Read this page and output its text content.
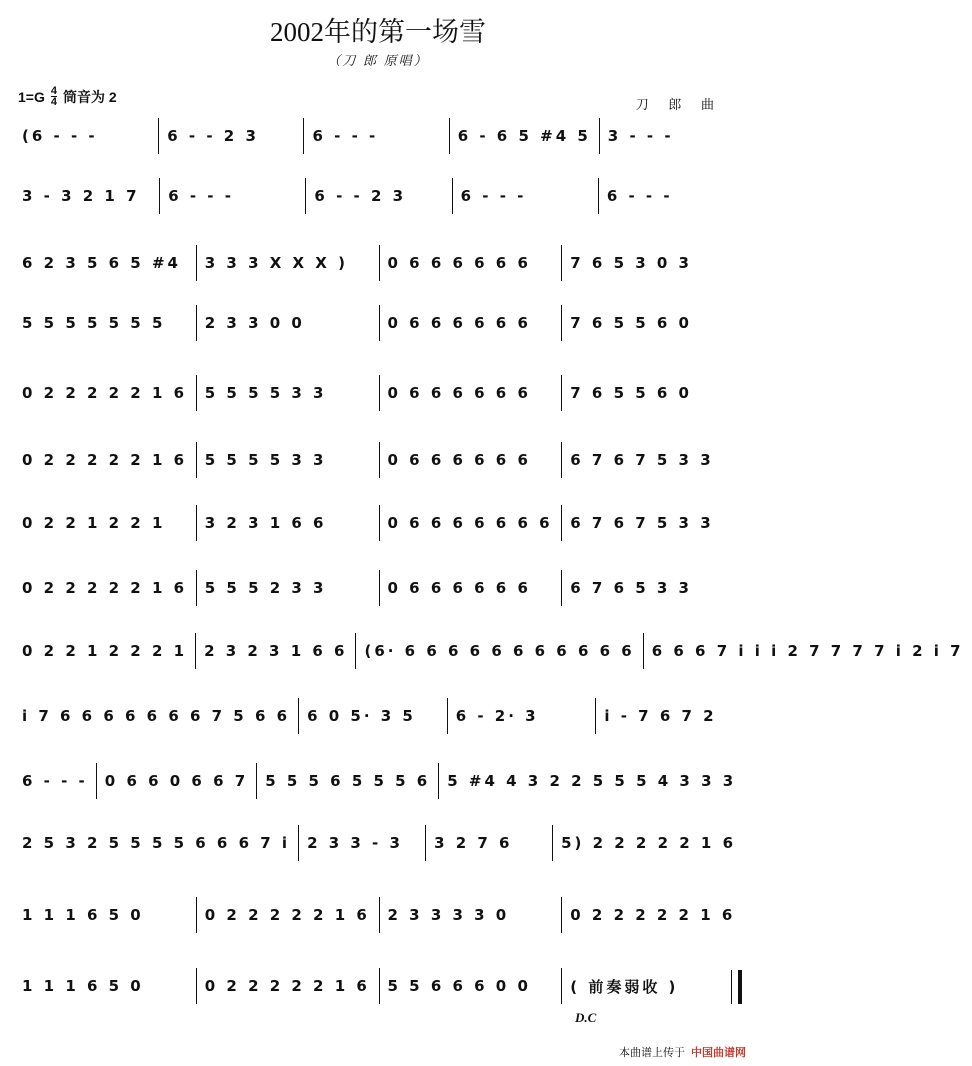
2002年的第一场雪
（刀 郎 原唱）
$1=G \frac{4}{4}$ 筒音为 2	刀 郎 曲
(6 - - -	6 - - 2 3	6 - - -	6 - 6 5 #4 5	3 - - -
3 - 3 2 1 7	6 - - -	6 - - 2 3	6 - - -	6 - - -
6 2 3 5 6 5 #4	3 3 3 X X X )	0 6 6 6 6 6 6	7 6 5 3 0 3
5 5 5 5 5 5 5	2 3 3 0 0	0 6 6 6 6 6 6	7 6 5 5 6 0
0 2 2 2 2 2 1 6	5 5 5 5 3 3	0 6 6 6 6 6 6	7 6 5 5 6 0
0 2 2 2 2 2 1 6	5 5 5 5 3 3	0 6 6 6 6 6 6	6 7 6 7 5 3 3
0 2 2 1 2 2 1	3 2 3 1 6 6	0 6 6 6 6 6 6 6	6 7 6 7 5 3 3
0 2 2 2 2 2 1 6	5 5 5 2 3 3	0 6 6 6 6 6 6	6 7 6 5 3 3
0 2 2 1 2 2 2 1	2 3 2 3 1 6 6	(6· 6 6 6 6 6 6 6 6 6 6 6	6 6 6 7 i i i 2 7 7 7 7 i 2 i 7
i 7 6 6 6 6 6 6 6 7 5 6 6	6 0 5· 3 5	6 - 2· 3	i - 7 6 7 2
6 - - -	0 6 6 0 6 6 7	5 5 5 6 5 5 5 6	5 #4 4 3 2 2 5 5 5 4 3 3 3
2 5 3 2 5 5 5 5 6 6 6 7 i	2 3 3 - 3	3 2 7 6	5) 2 2 2 2 2 1 6
1 1 1 6 5 0	0 2 2 2 2 2 1 6	2 3 3 3 3 0	0 2 2 2 2 2 1 6
1 1 1 6 5 0	0 2 2 2 2 2 1 6	5 5 6 6 6 0 0	( 前奏弱收 )
D.C
本曲谱上传于 中国曲谱网
